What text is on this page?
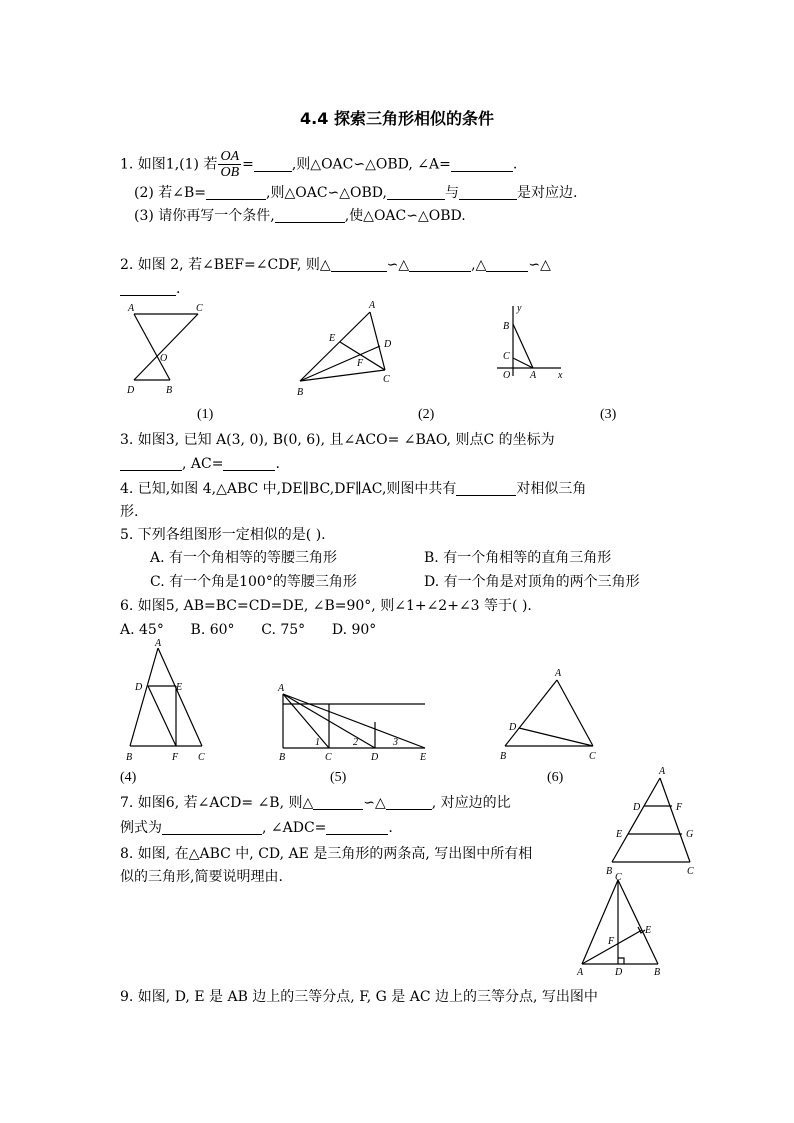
4.4 探索三角形相似的条件
1. 如图1,(1) 若 $\frac{OA}{OB}$ =	,则△OAC∽△OBD, ∠A=	.
(2) 若∠B=	,则△OAC∽△OBD,	与	是对应边.
(3) 请你再写一个条件,	,使△OAC∽△OBD.
2. 如图 2, 若∠BEF=∠CDF, 则△	∽△	,△	∽△
.
A	C
O
D	B
A
E
D
F
B
C
y
B
C
O A x
(1)	(2)	(3)
3. 如图3, 已知 A(3, 0), B(0, 6), 且∠ACO= ∠BAO, 则点C 的坐标为
, AC=	.
4. 已知,如图 4,△ABC 中,DE∥BC,DF∥AC,则图中共有	对相似三角
形.
5. 下列各组图形一定相似的是( ).
A. 有一个角相等的等腰三角形	B. 有一个角相等的直角三角形
C. 有一个角是100°的等腰三角形	D. 有一个角是对顶角的两个三角形
6. 如图5, AB=BC=CD=DE, ∠B=90°, 则∠1+∠2+∠3 等于( ).
A. 45°      B. 60°      C. 75°      D. 90°
A
D	E
B	F C
A
B	C	D	E
1	2	3
A
D
B	C
(4)	(5)	(6)
7. 如图6, 若∠ACD= ∠B, 则△	∽△	, 对应边的比
例式为	, ∠ADC=	.
A
D	F
E	G
B	C
8. 如图, 在△ABC 中, CD, AE 是三角形的两条高, 写出图中所有相
似的三角形,简要说明理由.	C
E
F
A	D	B
9. 如图, D, E 是 AB 边上的三等分点, F, G 是 AC 边上的三等分点, 写出图中
